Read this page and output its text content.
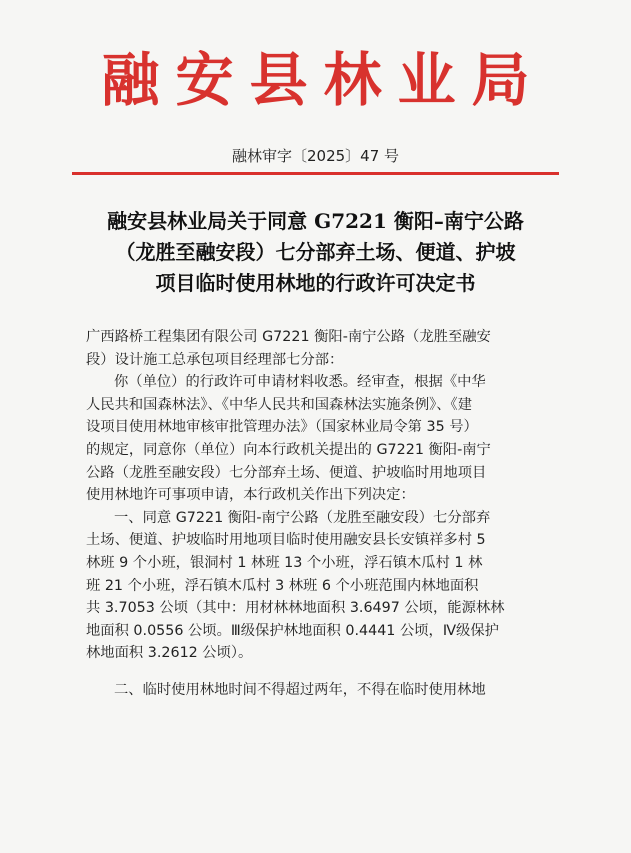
融安县林业局
融林审字〔2025〕47 号
融安县林业局关于同意 G7221 衡阳–南宁公路
（龙胜至融安段）七分部弃土场、便道、护坡
项目临时使用林地的行政许可决定书
广西路桥工程集团有限公司 G7221 衡阳-南宁公路（龙胜至融安
段）设计施工总承包项目经理部七分部：
你（单位）的行政许可申请材料收悉。经审查，根据《中华
人民共和国森林法》、《中华人民共和国森林法实施条例》、《建
设项目使用林地审核审批管理办法》（国家林业局令第 35 号）
的规定，同意你（单位）向本行政机关提出的 G7221 衡阳-南宁
公路（龙胜至融安段）七分部弃土场、便道、护坡临时用地项目
使用林地许可事项申请，本行政机关作出下列决定：
一、同意 G7221 衡阳-南宁公路（龙胜至融安段）七分部弃
土场、便道、护坡临时用地项目临时使用融安县长安镇祥多村 5
林班 9 个小班，银洞村 1 林班 13 个小班，浮石镇木瓜村 1 林
班 21 个小班，浮石镇木瓜村 3 林班 6 个小班范围内林地面积
共 3.7053 公顷（其中：用材林林地面积 3.6497 公顷，能源林林
地面积 0.0556 公顷。Ⅲ级保护林地面积 0.4441 公顷，Ⅳ级保护
林地面积 3.2612 公顷）。
二、临时使用林地时间不得超过两年，不得在临时使用林地
